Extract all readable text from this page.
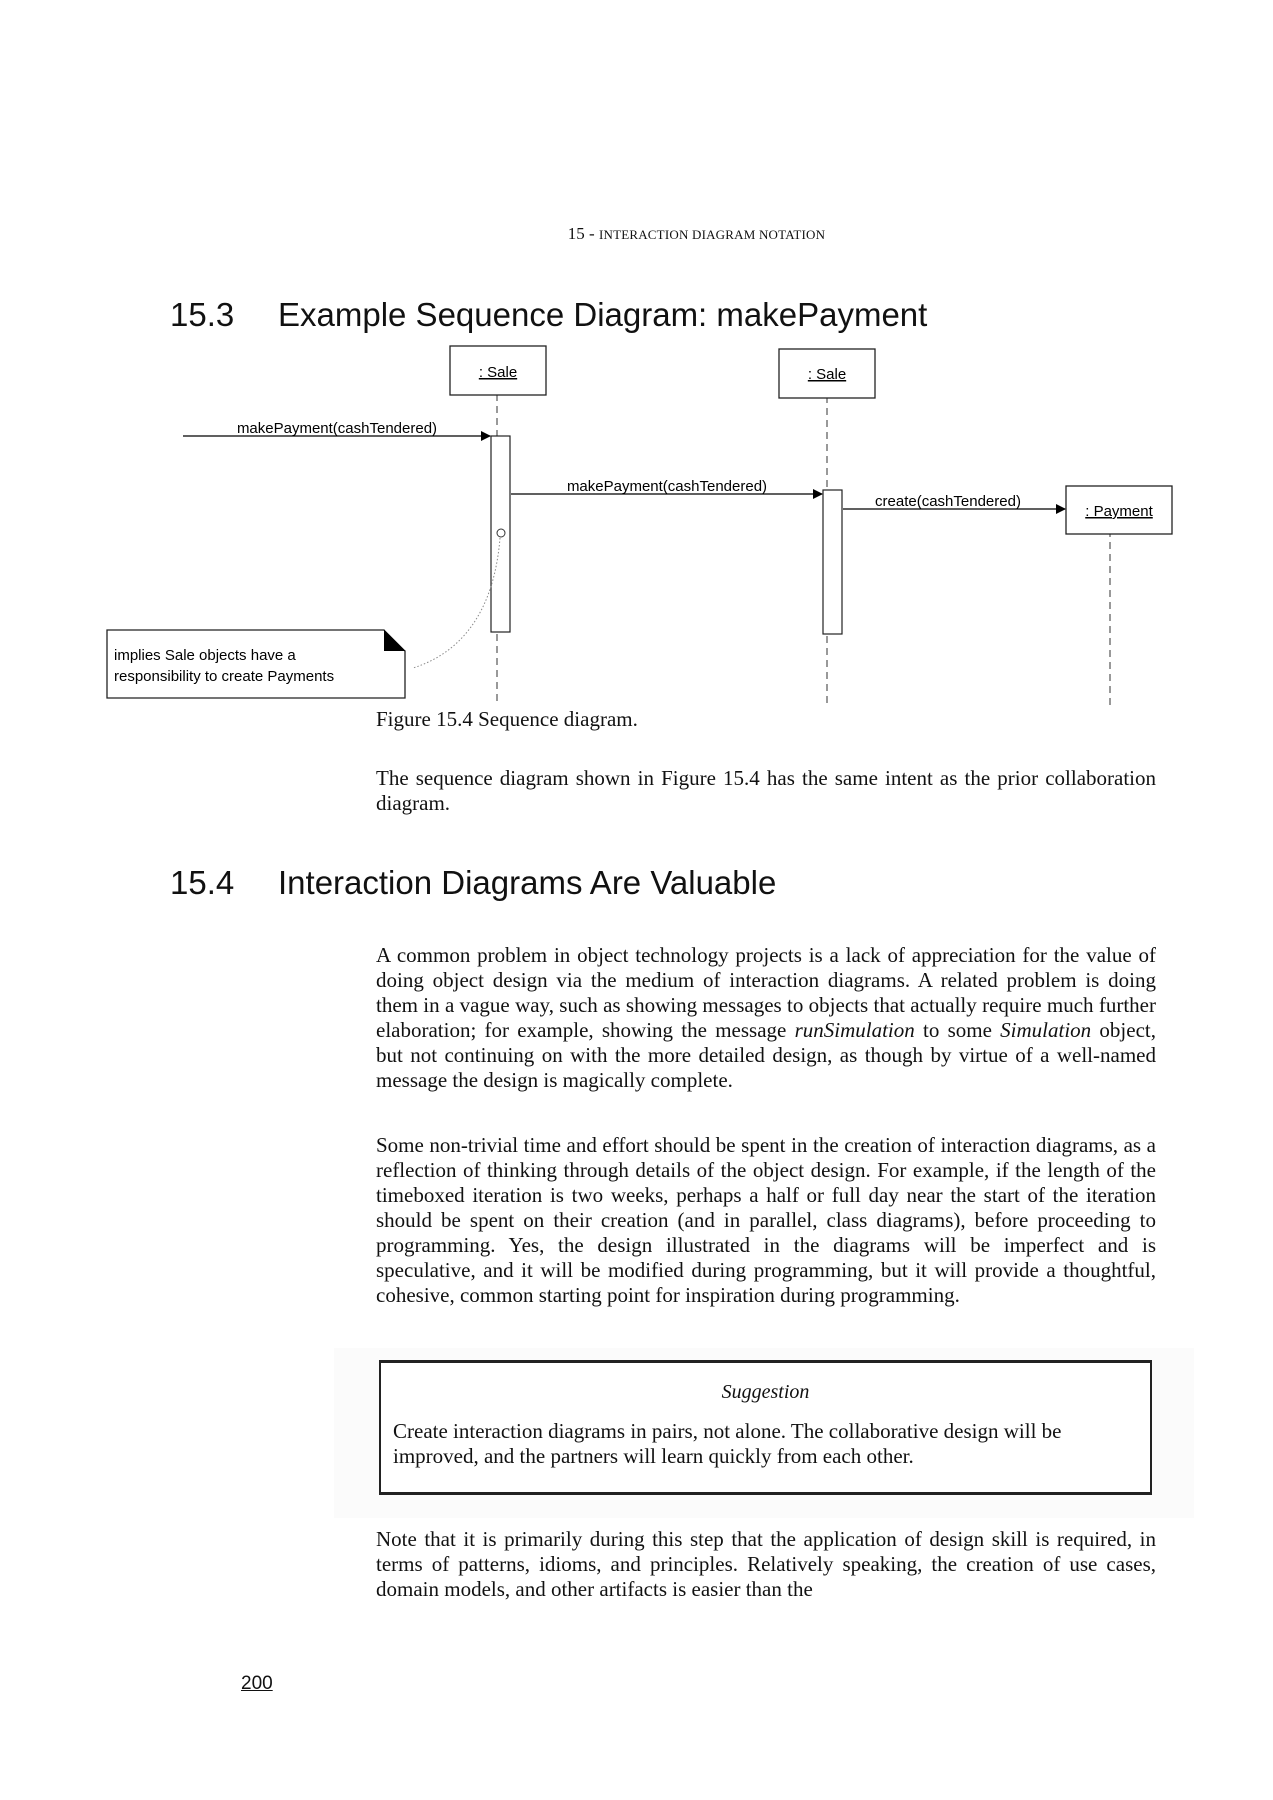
15 - INTERACTION DIAGRAM NOTATION
15.3 Example Sequence Diagram: makePayment
: Sale	: Sale
: Payment
makePayment(cashTendered)
makePayment(cashTendered)
create(cashTendered)
implies Sale objects have a
responsibility to create Payments
Figure 15.4 Sequence diagram.

The sequence diagram shown in Figure 15.4 has the same intent as the prior collaboration diagram.

15.4 Interaction Diagrams Are Valuable

A common problem in object technology projects is a lack of appreciation for the value of doing object design via the medium of interaction diagrams. A related problem is doing them in a vague way, such as showing messages to objects that actually require much further elaboration; for example, showing the message runSimulation to some Simulation object, but not continuing on with the more detailed design, as though by virtue of a well-named message the design is magically complete.

Some non-trivial time and effort should be spent in the creation of interaction diagrams, as a reflection of thinking through details of the object design. For example, if the length of the timeboxed iteration is two weeks, perhaps a half or full day near the start of the iteration should be spent on their creation (and in parallel, class diagrams), before proceeding to programming. Yes, the design illustrated in the diagrams will be imperfect and is speculative, and it will be modified during programming, but it will provide a thoughtful, cohesive, common starting point for inspiration during programming.

Suggestion
Create interaction diagrams in pairs, not alone. The collaborative design will be improved, and the partners will learn quickly from each other.

Note that it is primarily during this step that the application of design skill is required, in terms of patterns, idioms, and principles. Relatively speaking, the creation of use cases, domain models, and other artifacts is easier than the

200
